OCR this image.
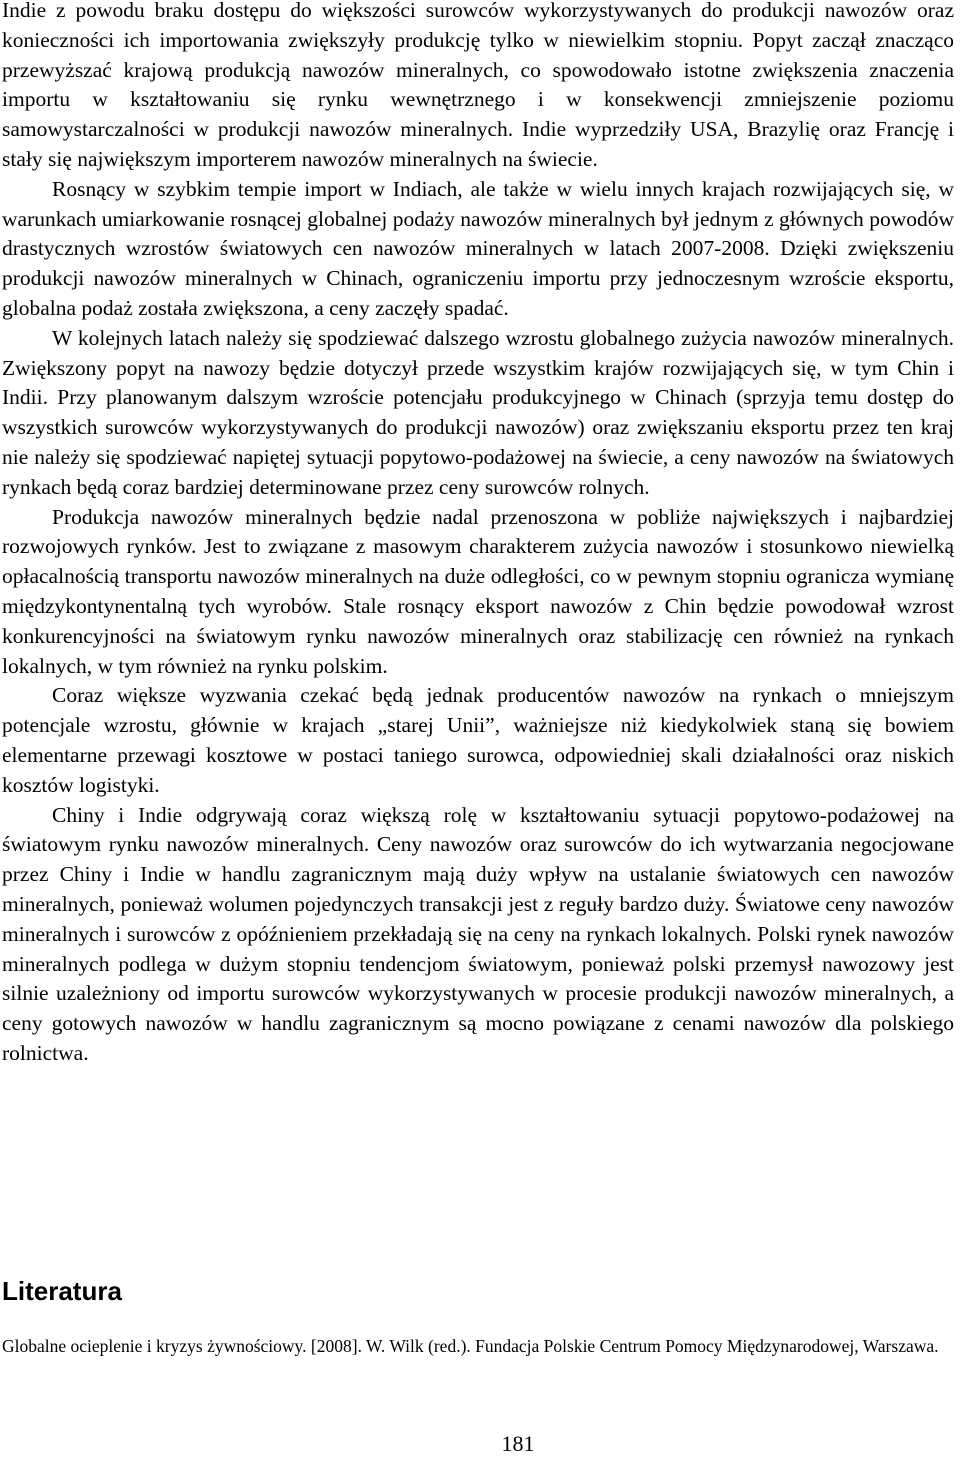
Indie z powodu braku dostępu do większości surowców wykorzystywanych do produkcji nawozów oraz konieczności ich importowania zwiększyły produkcję tylko w niewielkim stopniu. Popyt zaczął znacząco przewyższać krajową produkcją nawozów mineralnych, co spowodowało istotne zwiększenia znaczenia importu w kształtowaniu się rynku wewnętrznego i w konsekwencji zmniejszenie poziomu samowystarczalności w produkcji nawozów mineralnych. Indie wyprzedziły USA, Brazylię oraz Francję i stały się największym importerem nawozów mineralnych na świecie.

Rosnący w szybkim tempie import w Indiach, ale także w wielu innych krajach rozwijających się, w warunkach umiarkowanie rosnącej globalnej podaży nawozów mineralnych był jednym z głównych powodów drastycznych wzrostów światowych cen nawozów mineralnych w latach 2007-2008. Dzięki zwiększeniu produkcji nawozów mineralnych w Chinach, ograniczeniu importu przy jednoczesnym wzroście eksportu, globalna podaż została zwiększona, a ceny zaczęły spadać.

W kolejnych latach należy się spodziewać dalszego wzrostu globalnego zużycia nawozów mineralnych. Zwiększony popyt na nawozy będzie dotyczył przede wszystkim krajów rozwijających się, w tym Chin i Indii. Przy planowanym dalszym wzroście potencjału produkcyjnego w Chinach (sprzyja temu dostęp do wszystkich surowców wykorzystywanych do produkcji nawozów) oraz zwiększaniu eksportu przez ten kraj nie należy się spodziewać napiętej sytuacji popytowo-podażowej na świecie, a ceny nawozów na światowych rynkach będą coraz bardziej determinowane przez ceny surowców rolnych.

Produkcja nawozów mineralnych będzie nadal przenoszona w pobliże największych i najbardziej rozwojowych rynków. Jest to związane z masowym charakterem zużycia nawozów i stosunkowo niewielką opłacalnością transportu nawozów mineralnych na duże odległości, co w pewnym stopniu ogranicza wymianę międzykontynentalną tych wyrobów. Stale rosnący eksport nawozów z Chin będzie powodował wzrost konkurencyjności na światowym rynku nawozów mineralnych oraz stabilizację cen również na rynkach lokalnych, w tym również na rynku polskim.

Coraz większe wyzwania czekać będą jednak producentów nawozów na rynkach o mniejszym potencjale wzrostu, głównie w krajach „starej Unii”, ważniejsze niż kiedykolwiek staną się bowiem elementarne przewagi kosztowe w postaci taniego surowca, odpowiedniej skali działalności oraz niskich kosztów logistyki.

Chiny i Indie odgrywają coraz większą rolę w kształtowaniu sytuacji popytowo-podażowej na światowym rynku nawozów mineralnych. Ceny nawozów oraz surowców do ich wytwarzania negocjowane przez Chiny i Indie w handlu zagranicznym mają duży wpływ na ustalanie światowych cen nawozów mineralnych, ponieważ wolumen pojedynczych transakcji jest z reguły bardzo duży. Światowe ceny nawozów mineralnych i surowców z opóźnieniem przekładają się na ceny na rynkach lokalnych. Polski rynek nawozów mineralnych podlega w dużym stopniu tendencjom światowym, ponieważ polski przemysł nawozowy jest silnie uzależniony od importu surowców wykorzystywanych w procesie produkcji nawozów mineralnych, a ceny gotowych nawozów w handlu zagranicznym są mocno powiązane z cenami nawozów dla polskiego rolnictwa.

Literatura

Globalne ocieplenie i kryzys żywnościowy. [2008]. W. Wilk (red.). Fundacja Polskie Centrum Pomocy Międzynarodowej, Warszawa.

181
